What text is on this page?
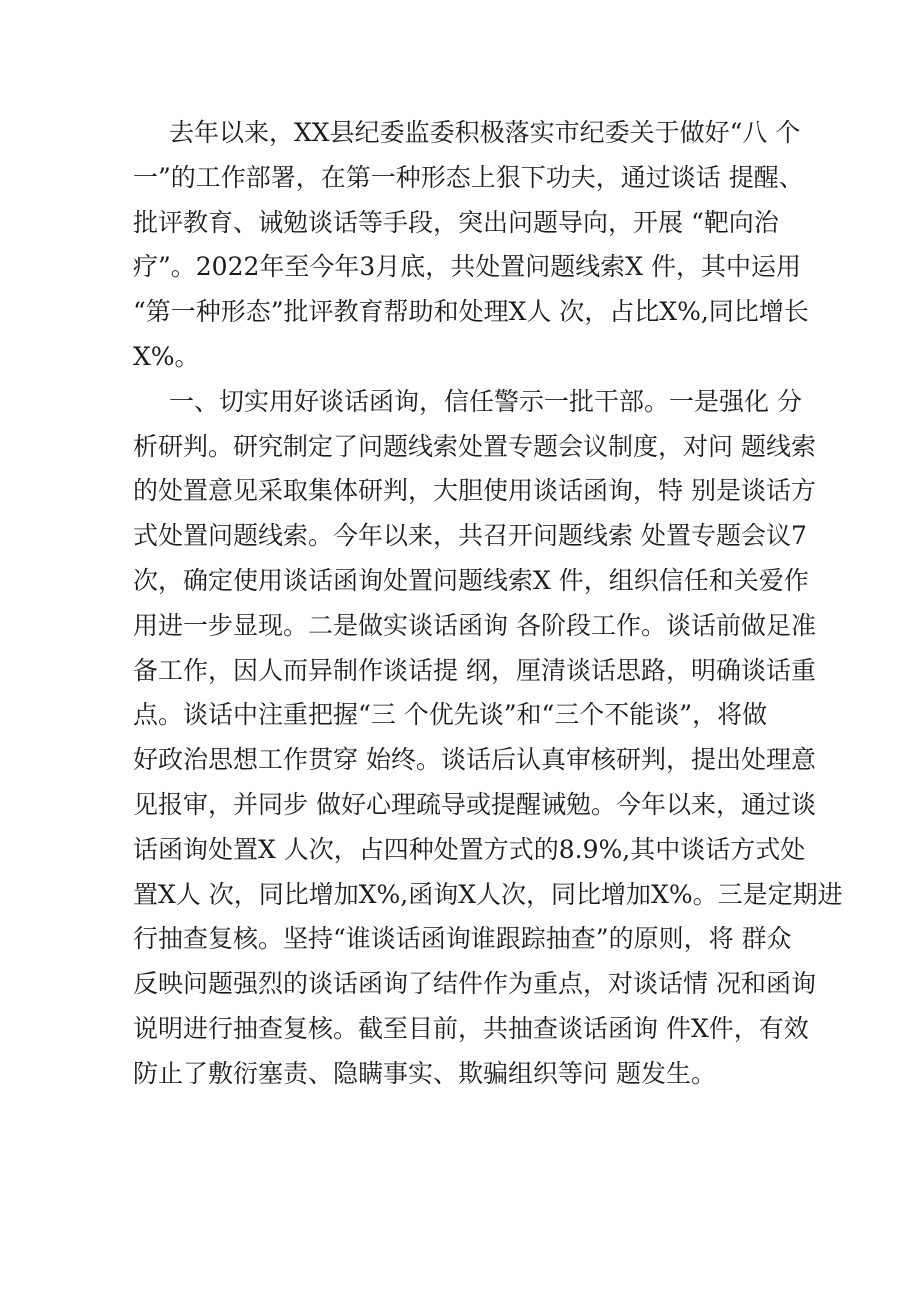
去年以来，XX县纪委监委积极落实市纪委关于做好“八 个
一”的工作部署，在第一种形态上狠下功夫，通过谈话 提醒、
批评教育、诫勉谈话等手段，突出问题导向，开展 “靶向治
疗”。2022年至今年3月底，共处置问题线索X 件，其中运用
“第一种形态”批评教育帮助和处理X人 次，占比X%,同比增长
X%。
一、切实用好谈话函询，信任警示一批干部。一是强化 分
析研判。研究制定了问题线索处置专题会议制度，对问 题线索
的处置意见采取集体研判，大胆使用谈话函询，特 别是谈话方
式处置问题线索。今年以来，共召开问题线索 处置专题会议7
次，确定使用谈话函询处置问题线索X 件，组织信任和关爱作
用进一步显现。二是做实谈话函询 各阶段工作。谈话前做足准
备工作，因人而异制作谈话提 纲，厘清谈话思路，明确谈话重
点。谈话中注重把握“三 个优先谈”和“三个不能谈”，将做
好政治思想工作贯穿 始终。谈话后认真审核研判，提出处理意
见报审，并同步 做好心理疏导或提醒诫勉。今年以来，通过谈
话函询处置X 人次，占四种处置方式的8.9%,其中谈话方式处
置X人 次，同比增加X%,函询X人次，同比增加X%。三是定期进
行抽查复核。坚持“谁谈话函询谁跟踪抽查”的原则，将 群众
反映问题强烈的谈话函询了结件作为重点，对谈话情 况和函询
说明进行抽查复核。截至目前，共抽查谈话函询 件X件，有效
防止了敷衍塞责、隐瞒事实、欺骗组织等问 题发生。
